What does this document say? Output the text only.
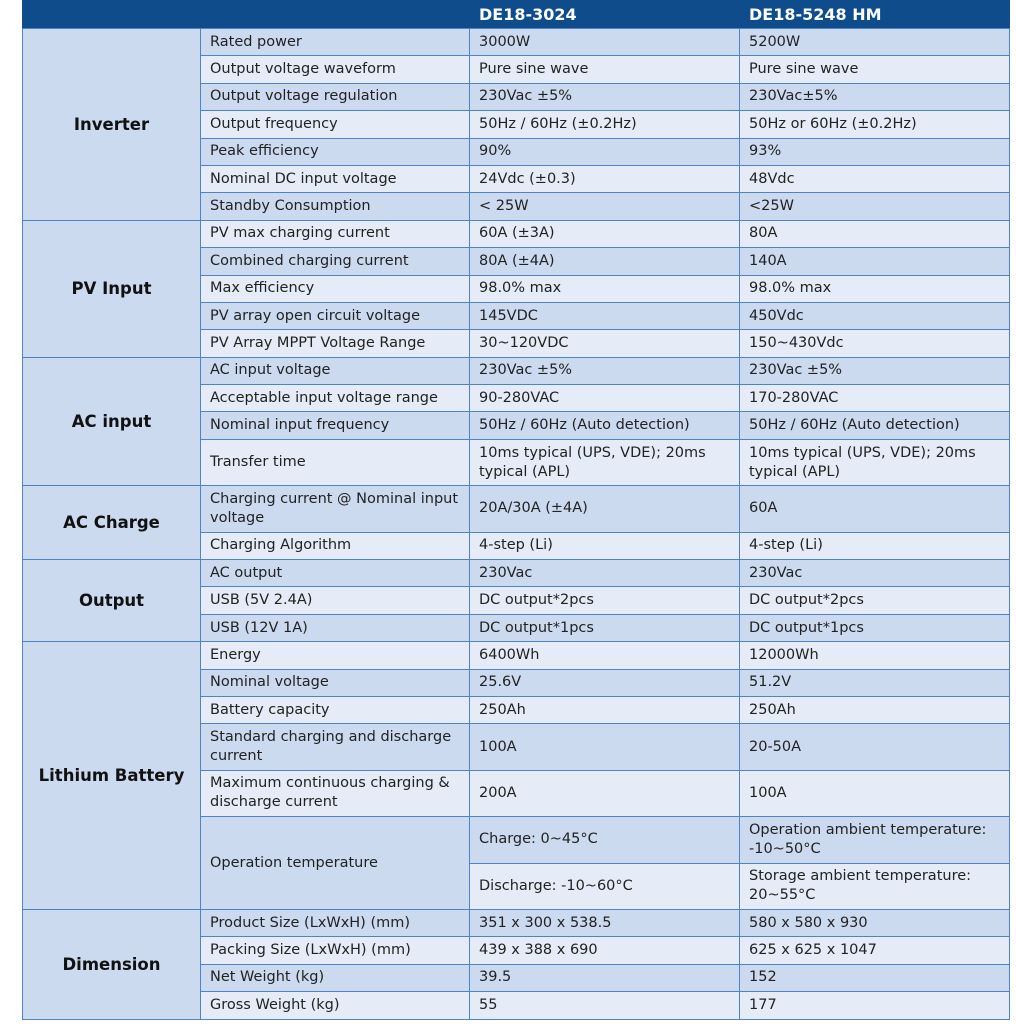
		DE18-3024	DE18-5248 HM
Inverter	Rated power	3000W	5200W
	Output voltage waveform	Pure sine wave	Pure sine wave
	Output voltage regulation	230Vac ±5%	230Vac±5%
	Output frequency	50Hz / 60Hz (±0.2Hz)	50Hz or 60Hz (±0.2Hz)
	Peak efficiency	90%	93%
	Nominal DC input voltage	24Vdc (±0.3)	48Vdc
	Standby Consumption	< 25W	<25W
PV Input	PV max charging current	60A (±3A)	80A
	Combined charging current	80A (±4A)	140A
	Max efficiency	98.0% max	98.0% max
	PV array open circuit voltage	145VDC	450Vdc
	PV Array MPPT Voltage Range	30~120VDC	150~430Vdc
AC input	AC input voltage	230Vac ±5%	230Vac ±5%
	Acceptable input voltage range	90-280VAC	170-280VAC
	Nominal input frequency	50Hz / 60Hz (Auto detection)	50Hz / 60Hz (Auto detection)
	Transfer time	10ms typical (UPS, VDE); 20ms typical (APL)	10ms typical (UPS, VDE); 20ms typical (APL)
AC Charge	Charging current @ Nominal input voltage	20A/30A (±4A)	60A
	Charging Algorithm	4-step (Li)	4-step (Li)
Output	AC output	230Vac	230Vac
	USB (5V 2.4A)	DC output*2pcs	DC output*2pcs
	USB (12V 1A)	DC output*1pcs	DC output*1pcs
Lithium Battery	Energy	6400Wh	12000Wh
	Nominal voltage	25.6V	51.2V
	Battery capacity	250Ah	250Ah
	Standard charging and discharge current	100A	20-50A
	Maximum continuous charging & discharge current	200A	100A
	Operation temperature	Charge: 0~45°C	Operation ambient temperature: -10~50°C
		Discharge: -10~60°C	Storage ambient temperature: 20~55°C
Dimension	Product Size (LxWxH) (mm)	351 x 300 x 538.5	580 x 580 x 930
	Packing Size (LxWxH) (mm)	439 x 388 x 690	625 x 625 x 1047
	Net Weight (kg)	39.5	152
	Gross Weight (kg)	55	177
